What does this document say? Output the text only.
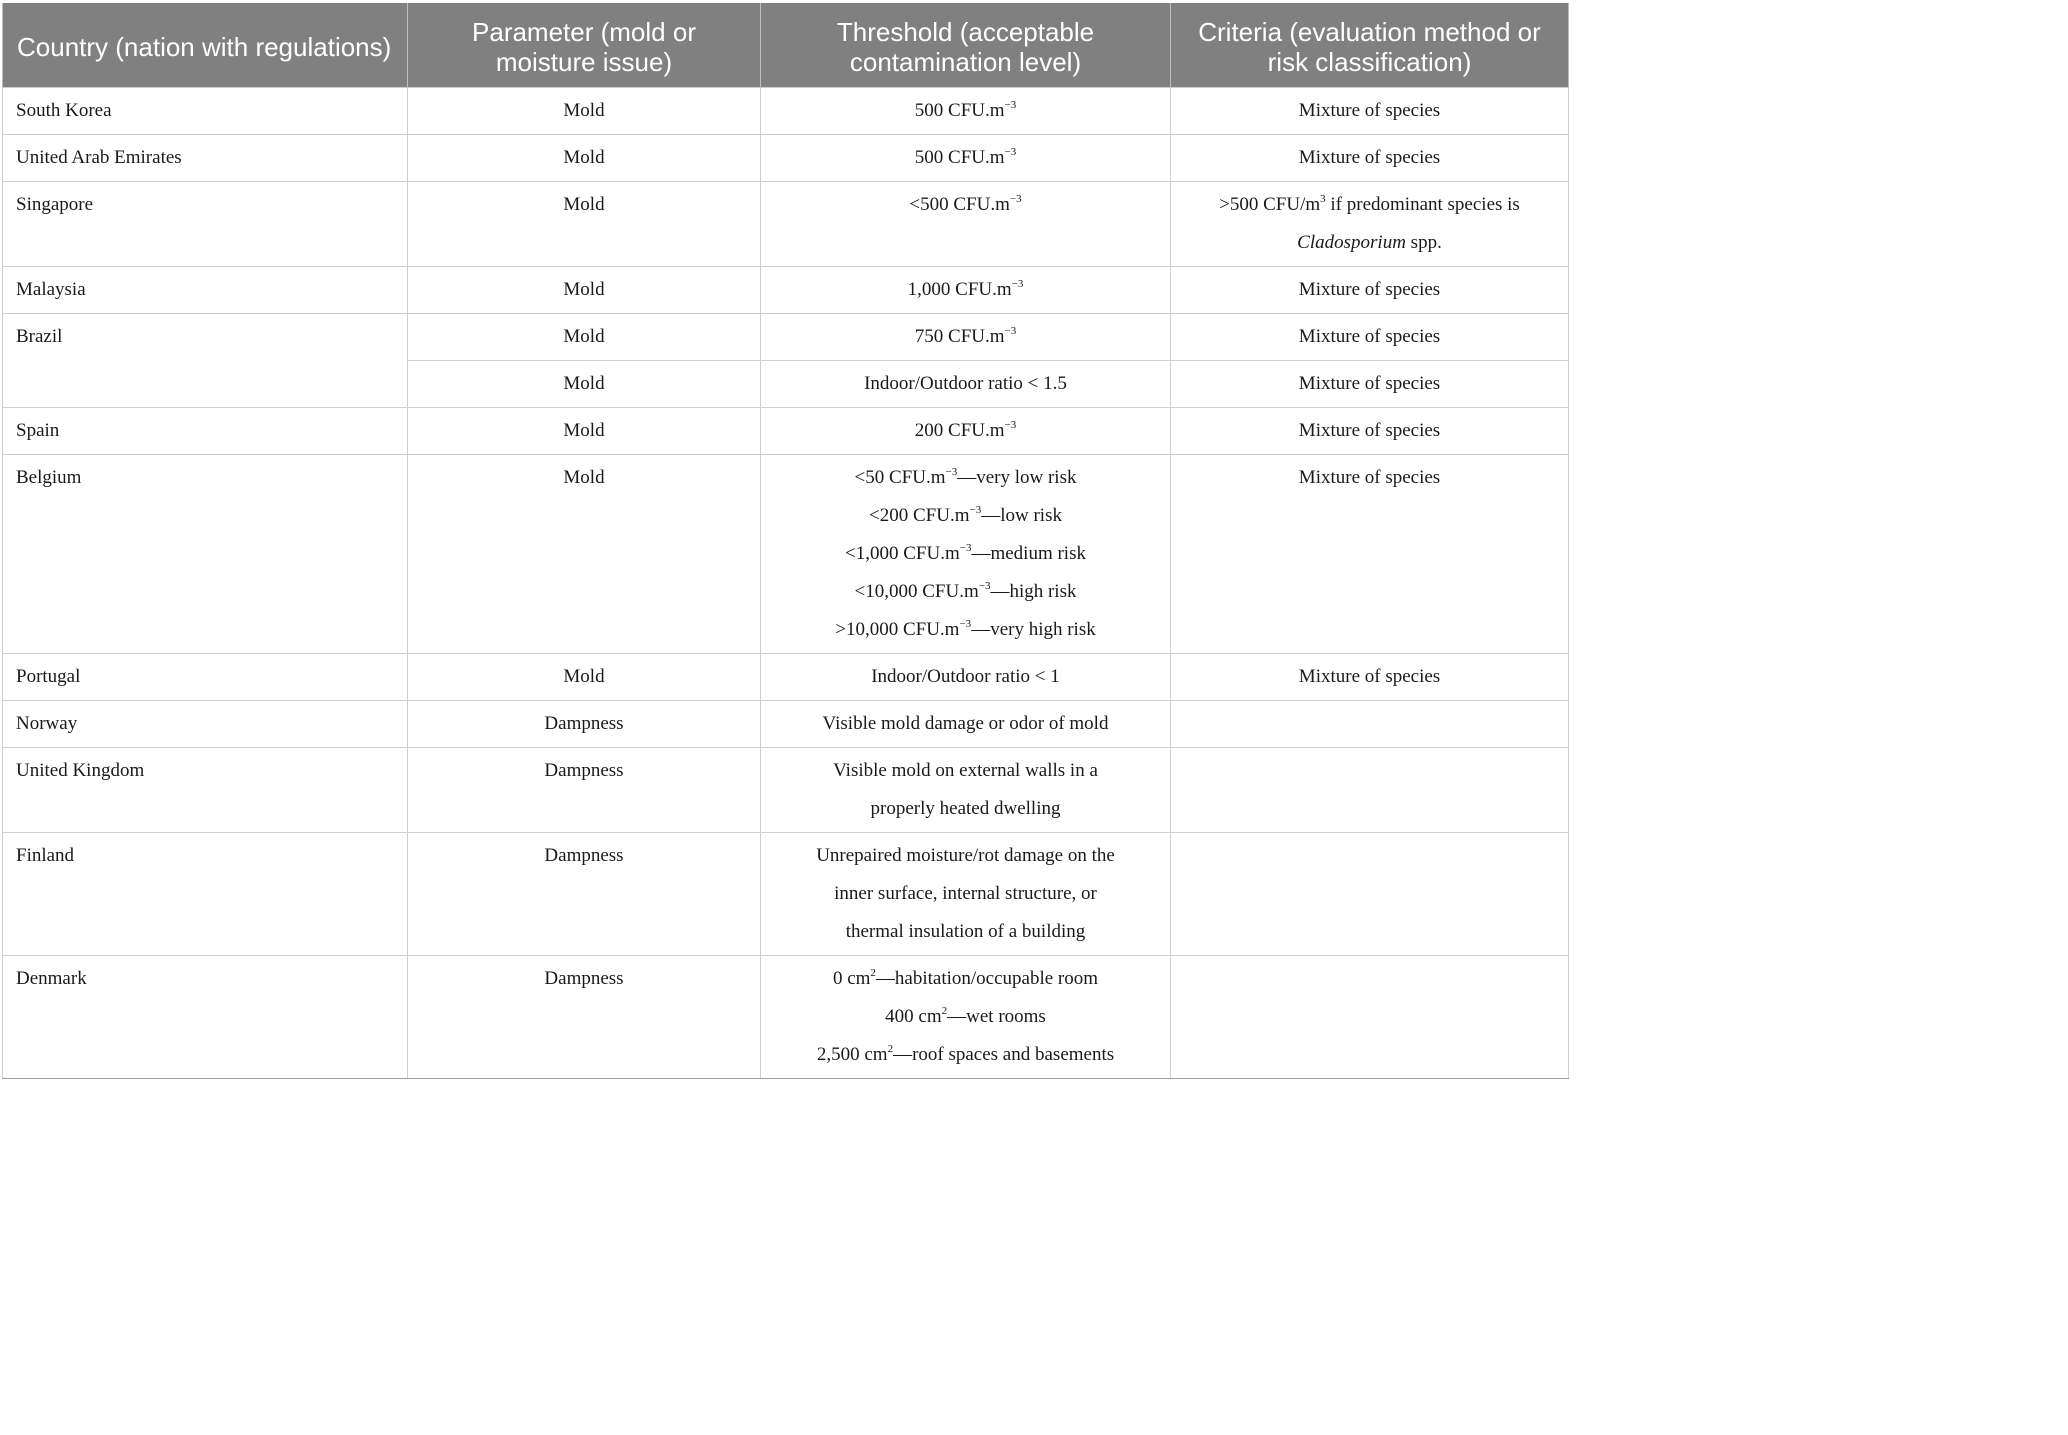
Country (nation with regulations)	Parameter (mold or moisture issue)	Threshold (acceptable contamination level)	Criteria (evaluation method or risk classification)
South Korea	Mold	500 $CFU.m^{-3}$	Mixture of species
United Arab Emirates	Mold	500 $CFU.m^{-3}$	Mixture of species
Singapore	Mold	<500 $CFU.m^{-3}$	>500 CFU/$m^3$ if predominant species is
Cladosporium spp.

Malaysia	Mold	1,000 $CFU.m^{-3}$	Mixture of species
Brazil	Mold	750 $CFU.m^{-3}$	Mixture of species
	Mold	Indoor/Outdoor ratio < 1.5	Mixture of species
Spain	Mold	200 $CFU.m^{-3}$	Mixture of species
Belgium	Mold	<50 $CFU.m^{-3}—very$ low risk
<200 $CFU.m^{-3}—low$ risk
<1,000 $CFU.m^{-3}—medium$ risk
<10,000 $CFU.m^{-3}—high$ risk
>10,000 $CFU.m^{-3}—very$ high risk	Mixture of species
Portugal	Mold	Indoor/Outdoor ratio < 1	Mixture of species
Norway	Dampness	Visible mold damage or odor of mold	
United Kingdom	Dampness	Visible mold on external walls in a
properly heated dwelling	

Finland	Dampness	Unrepaired moisture/rot damage on the
inner surface, internal structure, or
thermal insulation of a building	

Denmark	Dampness	0 $cm^2—habitation$/occupable room
400 $cm^2—wet$ rooms
2,500 $cm^2—roof$ spaces and basements	
